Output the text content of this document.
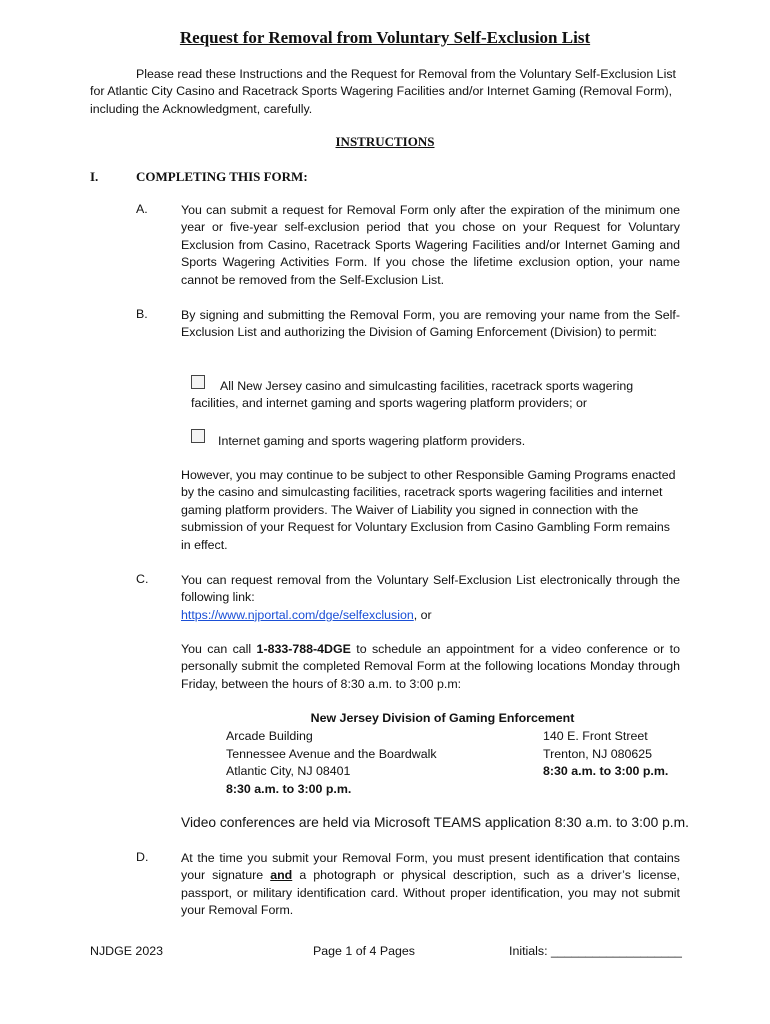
Request for Removal from Voluntary Self-Exclusion List
Please read these Instructions and the Request for Removal from the Voluntary Self-Exclusion List for Atlantic City Casino and Racetrack Sports Wagering Facilities and/or Internet Gaming (Removal Form), including the Acknowledgment, carefully.
INSTRUCTIONS
I.	COMPLETING THIS FORM:
A.	You can submit a request for Removal Form only after the expiration of the minimum one year or five-year self-exclusion period that you chose on your Request for Voluntary Exclusion from Casino, Racetrack Sports Wagering Facilities and/or Internet Gaming and Sports Wagering Activities Form. If you chose the lifetime exclusion option, your name cannot be removed from the Self-Exclusion List.
B.	By signing and submitting the Removal Form, you are removing your name from the Self-Exclusion List and authorizing the Division of Gaming Enforcement (Division) to permit:
All New Jersey casino and simulcasting facilities, racetrack sports wagering facilities, and internet gaming and sports wagering platform providers; or
Internet gaming and sports wagering platform providers.
However, you may continue to be subject to other Responsible Gaming Programs enacted by the casino and simulcasting facilities, racetrack sports wagering facilities and internet gaming platform providers. The Waiver of Liability you signed in connection with the submission of your Request for Voluntary Exclusion from Casino Gambling Form remains in effect.
C.	You can request removal from the Voluntary Self-Exclusion List electronically through the following link:
https://www.njportal.com/dge/selfexclusion, or
You can call 1-833-788-4DGE to schedule an appointment for a video conference or to personally submit the completed Removal Form at the following locations Monday through Friday, between the hours of 8:30 a.m. to 3:00 p.m:
New Jersey Division of Gaming Enforcement
Arcade Building
Tennessee Avenue and the Boardwalk
Atlantic City, NJ 08401
8:30 a.m. to 3:00 p.m.
140 E. Front Street
Trenton, NJ 080625
8:30 a.m. to 3:00 p.m.
Video conferences are held via Microsoft TEAMS application 8:30 a.m. to 3:00 p.m.
D.	At the time you submit your Removal Form, you must present identification that contains your signature and a photograph or physical description, such as a driver’s license, passport, or military identification card. Without proper identification, you may not submit your Removal Form.
NJDGE 2023	Page 1 of 4 Pages	Initials: ___________________
